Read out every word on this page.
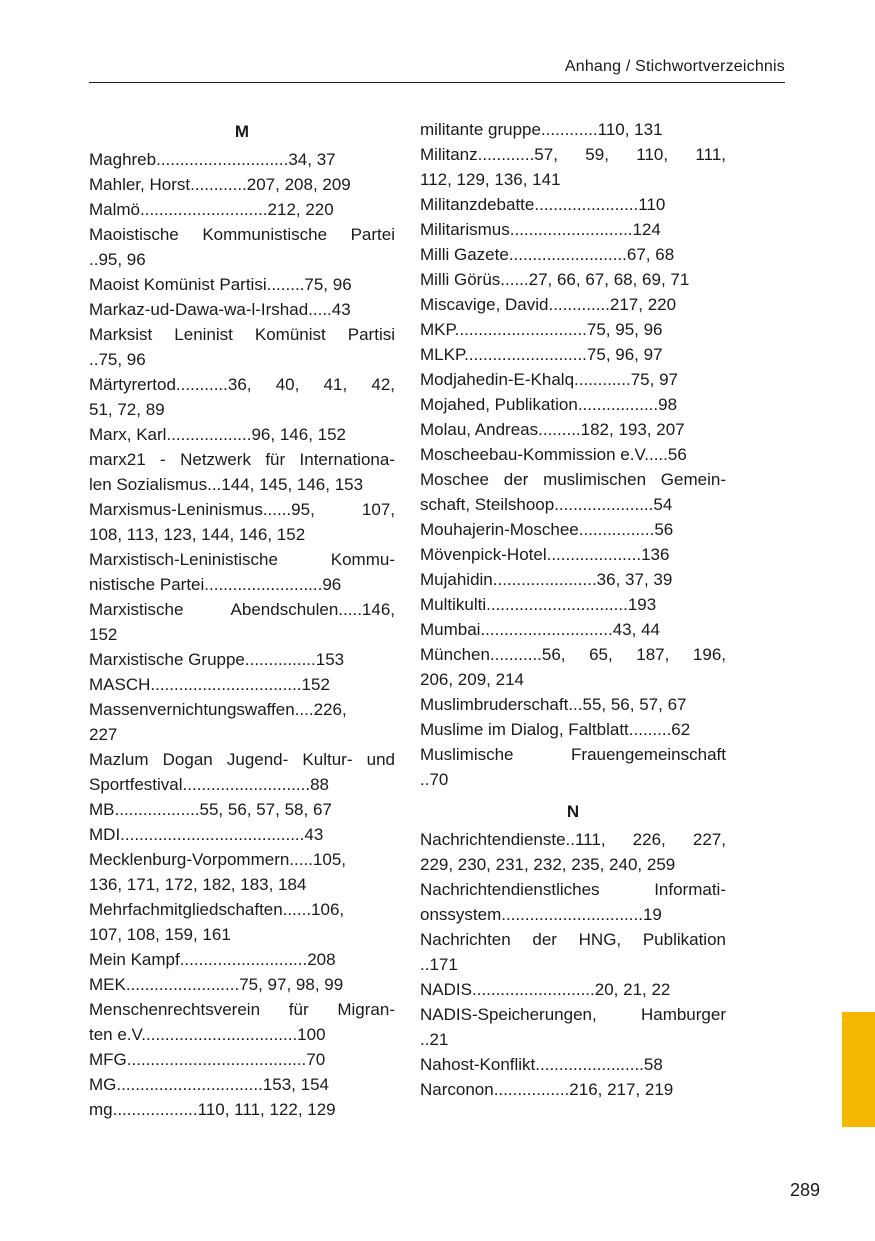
Anhang / Stichwortverzeichnis
M
Maghreb............................34, 37
Mahler, Horst............207, 208, 209
Malmö...........................212, 220
Maoistische Kommunistische Partei
..95, 96
Maoist Komünist Partisi........75, 96
Markaz-ud-Dawa-wa-l-Irshad.....43
Marksist Leninist Komünist Partisi
..75, 96
Märtyrertod...........36, 40, 41, 42,
51, 72, 89
Marx, Karl..................96, 146, 152
marx21 - Netzwerk für Internationa-
len Sozialismus...144, 145, 146, 153
Marxismus-Leninismus......95, 107,
108, 113, 123, 144, 146, 152
Marxistisch-Leninistische Kommu-
nistische Partei.........................96
Marxistische Abendschulen.....146,
152
Marxistische Gruppe...............153
MASCH................................152
Massenvernichtungswaffen....226,
227
Mazlum Dogan Jugend- Kultur- und
Sportfestival...........................88
MB..................55, 56, 57, 58, 67
MDI.......................................43
Mecklenburg-Vorpommern.....105,
136, 171, 172, 182, 183, 184
Mehrfachmitgliedschaften......106,
107, 108, 159, 161
Mein Kampf...........................208
MEK........................75, 97, 98, 99
Menschenrechtsverein für Migran-
ten e.V.................................100
MFG......................................70
MG...............................153, 154
mg..................110, 111, 122, 129
militante gruppe............110, 131
Militanz............57, 59, 110, 111,
112, 129, 136, 141
Militanzdebatte......................110
Militarismus..........................124
Milli Gazete.........................67, 68
Milli Görüs......27, 66, 67, 68, 69, 71
Miscavige, David.............217, 220
MKP............................75, 95, 96
MLKP..........................75, 96, 97
Modjahedin-E-Khalq............75, 97
Mojahed, Publikation.................98
Molau, Andreas.........182, 193, 207
Moscheebau-Kommission e.V.....56
Moschee der muslimischen Gemein-
schaft, Steilshoop.....................54
Mouhajerin-Moschee................56
Mövenpick-Hotel....................136
Mujahidin......................36, 37, 39
Multikulti..............................193
Mumbai............................43, 44
München...........56, 65, 187, 196,
206, 209, 214
Muslimbruderschaft...55, 56, 57, 67
Muslime im Dialog, Faltblatt.........62
Muslimische Frauengemeinschaft
..70
N
Nachrichtendienste..111, 226, 227,
229, 230, 231, 232, 235, 240, 259
Nachrichtendienstliches Informati-
onssystem..............................19
Nachrichten der HNG, Publikation
..171
NADIS..........................20, 21, 22
NADIS-Speicherungen, Hamburger
..21
Nahost-Konflikt.......................58
Narconon................216, 217, 219
289
